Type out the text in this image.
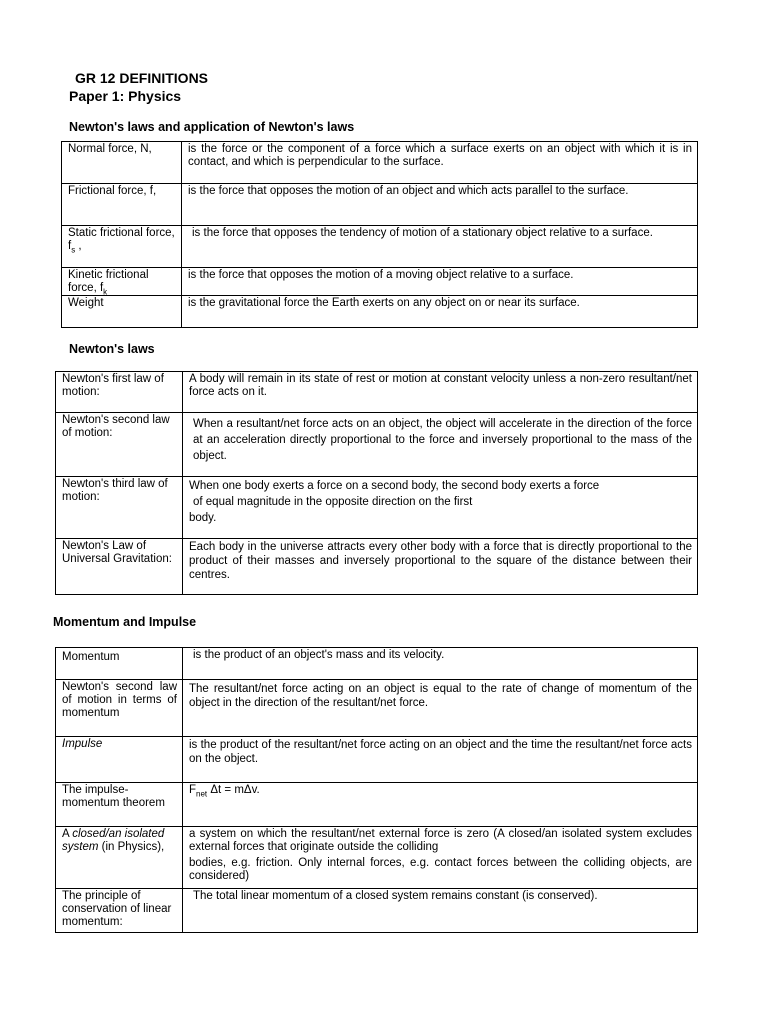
GR 12 DEFINITIONS
Paper 1: Physics
Newton's laws and application of Newton's laws
Normal force, N,	is the force or the component of a force which a surface exerts on an object with which it is in contact, and which is perpendicular to the surface.
Frictional force, f,	is the force that opposes the motion of an object and which acts parallel to the surface.
Static frictional force, $f_s$ ,	is the force that opposes the tendency of motion of a stationary object relative to a surface.
Kinetic frictional force, $f_k$	is the force that opposes the motion of a moving object relative to a surface.
Weight	is the gravitational force the Earth exerts on any object on or near its surface.
Newton's laws
Newton's first law of motion:	A body will remain in its state of rest or motion at constant velocity unless a non-zero resultant/net force acts on it.
Newton's second law of motion:	When a resultant/net force acts on an object, the object will accelerate in the direction of the force at an acceleration directly proportional to the force and inversely proportional to the mass of the object.
Newton's third law of motion:	When one body exerts a force on a second body, the second body exerts a force
of equal magnitude in the opposite direction on the first
body.

Newton's Law of Universal Gravitation:	Each body in the universe attracts every other body with a force that is directly proportional to the product of their masses and inversely proportional to the square of the distance between their centres.
Momentum and Impulse
Momentum	is the product of an object's mass and its velocity.
Newton's second law of motion in terms of momentum	The resultant/net force acting on an object is equal to the rate of change of momentum of the object in the direction of the resultant/net force.
Impulse	is the product of the resultant/net force acting on an object and the time the resultant/net force acts on the object.
The impulse-momentum theorem	$F_{net}$ Δt = mΔv.
A closed/an isolated system (in Physics),	a system on which the resultant/net external force is zero (A closed/an isolated system excludes external forces that originate outside the colliding
bodies, e.g. friction. Only internal forces, e.g. contact forces between the colliding objects, are considered)

The principle of conservation of linear momentum:	The total linear momentum of a closed system remains constant (is conserved).
